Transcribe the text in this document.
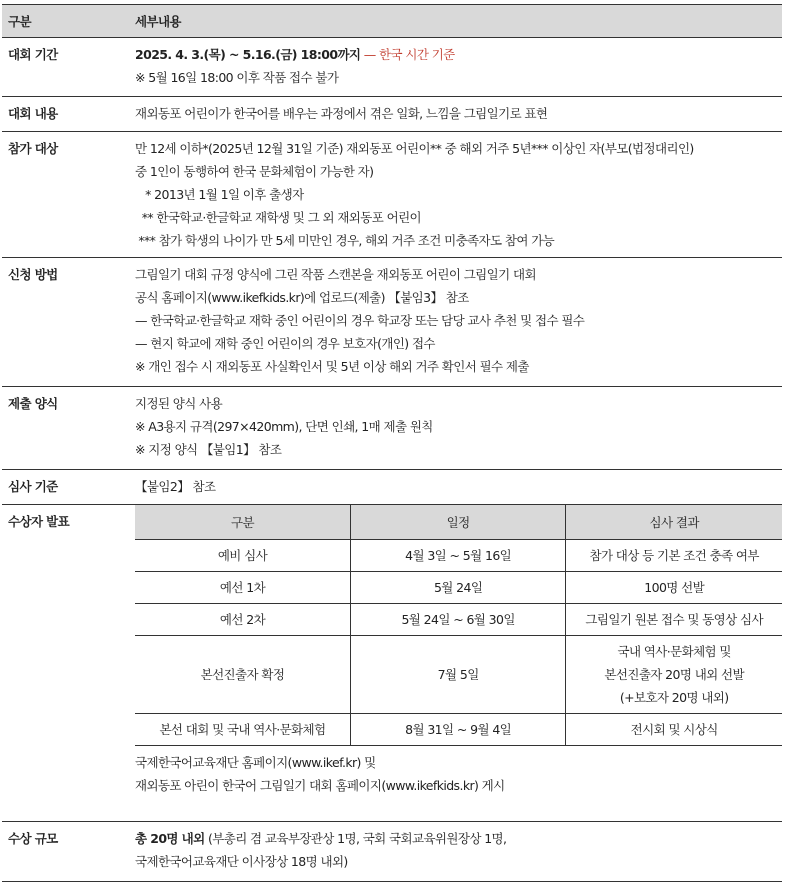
구분	세부내용
대회 기간	2025. 4. 3.(목) ~ 5.16.(금) 18:00까지 — 한국 시간 기준
※ 5월 16일 18:00 이후 작품 접수 불가
대회 내용	재외동포 어린이가 한국어를 배우는 과정에서 겪은 일화, 느낌을 그림일기로 표현
참가 대상	만 12세 이하*(2025년 12월 31일 기준) 재외동포 어린이** 중 해외 거주 5년*** 이상인 자(부모(법정대리인)
중 1인이 동행하여 한국 문화체험이 가능한 자)
* 2013년 1월 1일 이후 출생자
** 한국학교·한글학교 재학생 및 그 외 재외동포 어린이
*** 참가 학생의 나이가 만 5세 미만인 경우, 해외 거주 조건 미충족자도 참여 가능
신청 방법	그림일기 대회 규정 양식에 그린 작품 스캔본을 재외동포 어린이 그림일기 대회
공식 홈페이지(www.ikefkids.kr)에 업로드(제출) 【붙임3】 참조
— 한국학교·한글학교 재학 중인 어린이의 경우 학교장 또는 담당 교사 추천 및 접수 필수
— 현지 학교에 재학 중인 어린이의 경우 보호자(개인) 접수
※ 개인 접수 시 재외동포 사실확인서 및 5년 이상 해외 거주 확인서 필수 제출
제출 양식	지정된 양식 사용
※ A3용지 규격(297×420mm), 단면 인쇄, 1매 제출 원칙
※ 지정 양식 【붙임1】 참조
심사 기준	【붙임2】 참조
수상자 발표	구분	일정	심사 결과
예비 심사	4월 3일 ~ 5월 16일	참가 대상 등 기본 조건 충족 여부
예선 1차	5월 24일	100명 선발
예선 2차	5월 24일 ~ 6월 30일	그림일기 원본 접수 및 동영상 심사
본선진출자 확정	7월 5일	국내 역사·문화체험 및
본선진출자 20명 내외 선발
(+보호자 20명 내외)

본선 대회 및 국내 역사·문화체험	8월 31일 ~ 9월 4일	전시회 및 시상식
국제한국어교육재단 홈페이지(www.ikef.kr) 및
재외동포 아린이 한국어 그림일기 대회 홈페이지(www.ikefkids.kr) 게시
수상 규모	총 20명 내외 (부총리 겸 교육부장관상 1명, 국회 국회교육위원장상 1명,
국제한국어교육재단 이사장상 18명 내외)
